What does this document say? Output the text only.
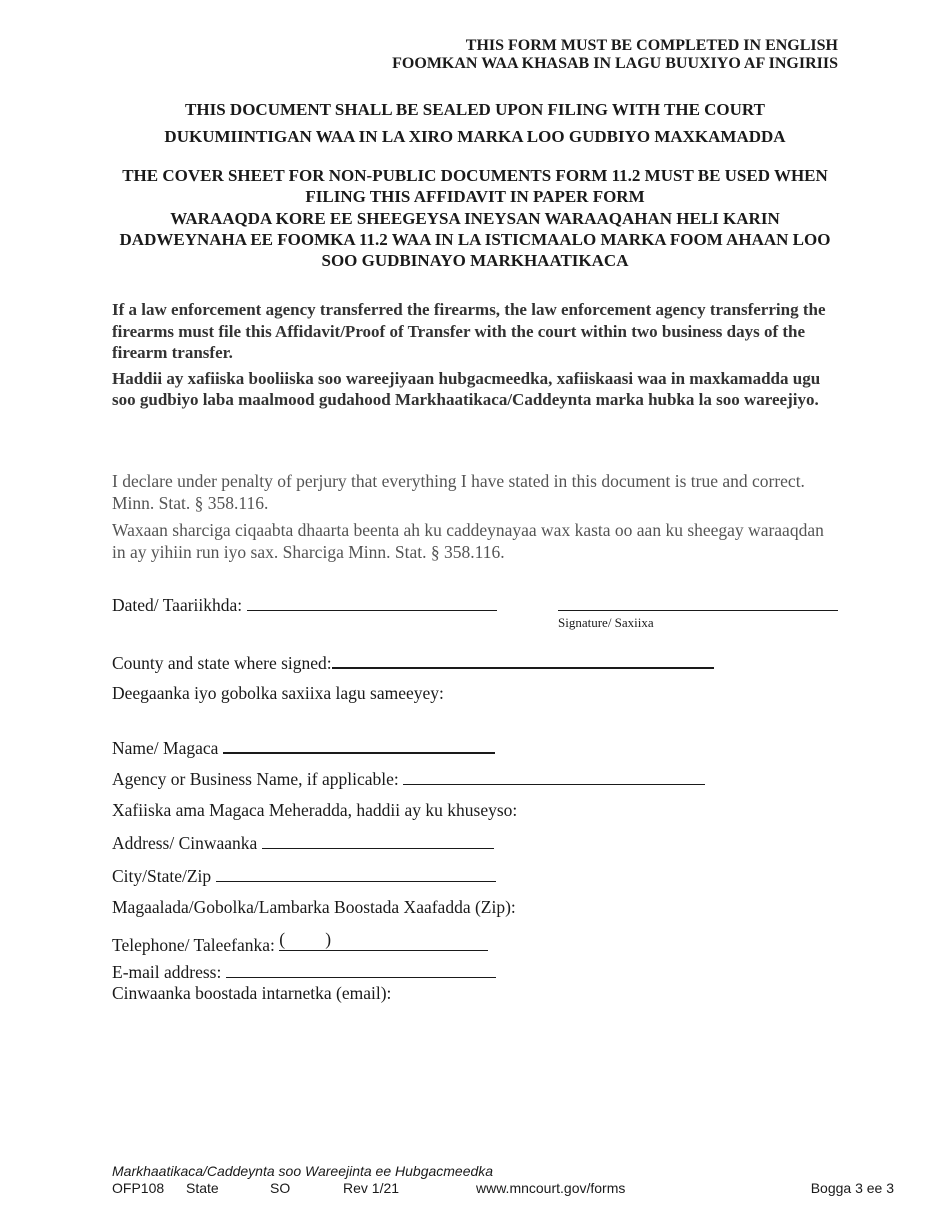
THIS FORM MUST BE COMPLETED IN ENGLISH
FOOMKAN WAA KHASAB IN LAGU BUUXIYO AF INGIRIIS
THIS DOCUMENT SHALL BE SEALED UPON FILING WITH THE COURT
DUKUMIINTIGAN WAA IN LA XIRO MARKA LOO GUDBIYO MAXKAMADDA

THE COVER SHEET FOR NON-PUBLIC DOCUMENTS FORM 11.2 MUST BE USED WHEN FILING THIS AFFIDAVIT IN PAPER FORM

WARAAQDA KORE EE SHEEGEYSA INEYSAN WARAAQAHAN HELI KARIN DADWEYNAHA EE FOOMKA 11.2 WAA IN LA ISTICMAALO MARKA FOOM AHAAN LOO SOO GUDBINAYO MARKHAATIKACA

If a law enforcement agency transferred the firearms, the law enforcement agency transferring the firearms must file this Affidavit/Proof of Transfer with the court within two business days of the firearm transfer.

Haddii ay xafiiska booliiska soo wareejiyaan hubgacmeedka, xafiiskaasi waa in maxkamadda ugu soo gudbiyo laba maalmood gudahood Markhaatikaca/Caddeynta marka hubka la soo wareejiyo.

I declare under penalty of perjury that everything I have stated in this document is true and correct. Minn. Stat. § 358.116.

Waxaan sharciga ciqaabta dhaarta beenta ah ku caddeynayaa wax kasta oo aan ku sheegay waraaqdan in ay yihiin run iyo sax. Sharciga Minn. Stat. § 358.116.

Dated/ Taariikhda:
Signature/ Saxiixa
County and state where signed:
Deegaanka iyo gobolka saxiixa lagu sameeyey:
Name/ Magaca
Agency or Business Name, if applicable:
Xafiiska ama Magaca Meheradda, haddii ay ku khuseyso:
Address/ Cinwaanka
City/State/Zip
Magaalada/Gobolka/Lambarka Boostada Xaafadda (Zip):
Telephone/ Taleefanka: ( )
E-mail address:
Cinwaanka boostada intarnetka (email):
Markhaatikaca/Caddeynta soo Wareejinta ee Hubgacmeedka
OFP108 State	SO	Rev 1/21	www.mncourt.gov/forms	Bogga 3 ee 3
